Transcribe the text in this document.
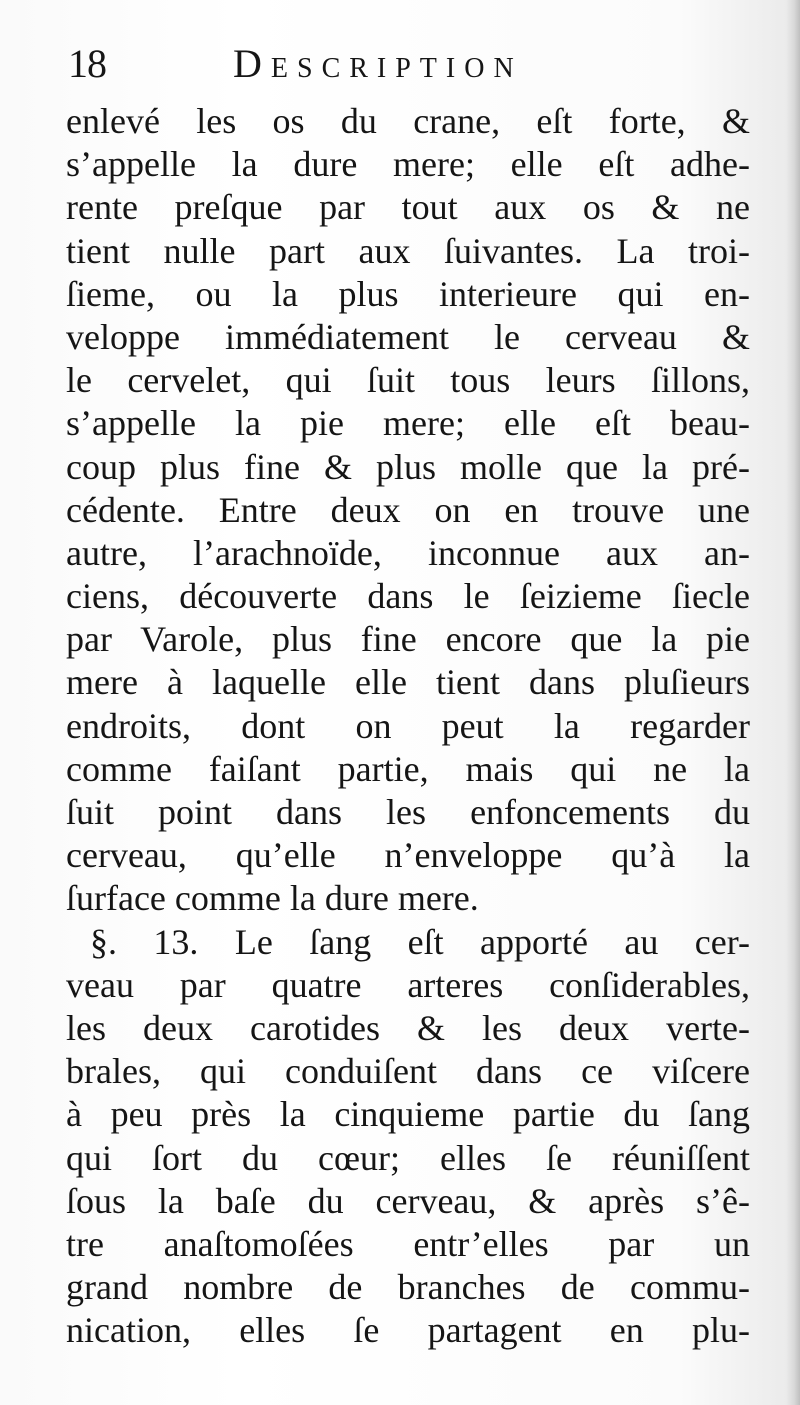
18	Description
enlevé les os du crane, eſt forte, &
s’appelle la dure mere; elle eſt adhe-
rente preſque par tout aux os & ne
tient nulle part aux ſuivantes. La troi-
ſieme, ou la plus interieure qui en-
veloppe immédiatement le cerveau &
le cervelet, qui ſuit tous leurs ſillons,
s’appelle la pie mere; elle eſt beau-
coup plus fine & plus molle que la pré-
cédente. Entre deux on en trouve une
autre, l’arachnoïde, inconnue aux an-
ciens, découverte dans le ſeizieme ſiecle
par Varole, plus fine encore que la pie
mere à laquelle elle tient dans pluſieurs
endroits, dont on peut la regarder
comme faiſant partie, mais qui ne la
ſuit point dans les enfoncements du
cerveau, qu’elle n’enveloppe qu’à la
ſurface comme la dure mere.
§. 13. Le ſang eſt apporté au cer-
veau par quatre arteres conſiderables,
les deux carotides & les deux verte-
brales, qui conduiſent dans ce viſcere
à peu près la cinquieme partie du ſang
qui ſort du cœur; elles ſe réuniſſent
ſous la baſe du cerveau, & après s’ê-
tre anaſtomoſées entr’elles par un
grand nombre de branches de commu-
nication, elles ſe partagent en plu-
